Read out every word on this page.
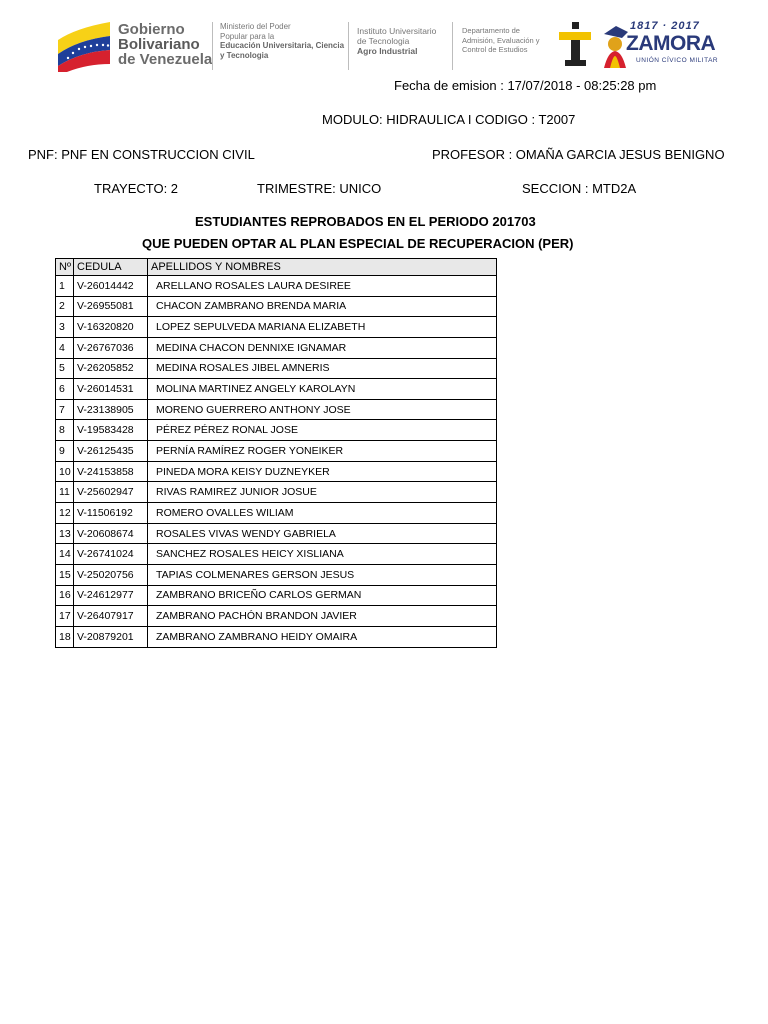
Gobierno
Bolivariano
de Venezuela
Ministerio del Poder
Popular para la
Educación Universitaria, Ciencia
y Tecnologia
Instituto Universitario
de Tecnologia
Agro Industrial
Departamento de
Admisión, Evaluación y
Control de Estudios
1817 · 2017
ZAMORA
UNIÓN CÍVICO MILITAR
Fecha de emision : 17/07/2018 - 08:25:28 pm
MODULO: HIDRAULICA I CODIGO : T2007
PNF: PNF EN CONSTRUCCION CIVIL	PROFESOR : OMAÑA GARCIA JESUS BENIGNO
TRAYECTO: 2	TRIMESTRE: UNICO	SECCION : MTD2A
ESTUDIANTES REPROBADOS EN EL PERIODO 201703
QUE PUEDEN OPTAR AL PLAN ESPECIAL DE RECUPERACION (PER)
Nº	CEDULA	APELLIDOS Y NOMBRES
1	V-26014442	ARELLANO ROSALES LAURA DESIREE
2	V-26955081	CHACON ZAMBRANO BRENDA MARIA
3	V-16320820	LOPEZ SEPULVEDA MARIANA ELIZABETH
4	V-26767036	MEDINA CHACON DENNIXE IGNAMAR
5	V-26205852	MEDINA ROSALES JIBEL AMNERIS
6	V-26014531	MOLINA MARTINEZ ANGELY KAROLAYN
7	V-23138905	MORENO GUERRERO ANTHONY JOSE
8	V-19583428	PÉREZ PÉREZ RONAL JOSE
9	V-26125435	PERNÍA RAMÍREZ ROGER YONEIKER
10	V-24153858	PINEDA MORA KEISY DUZNEYKER
11	V-25602947	RIVAS RAMIREZ JUNIOR JOSUE
12	V-11506192	ROMERO OVALLES WILIAM
13	V-20608674	ROSALES VIVAS WENDY GABRIELA
14	V-26741024	SANCHEZ ROSALES HEICY XISLIANA
15	V-25020756	TAPIAS COLMENARES GERSON JESUS
16	V-24612977	ZAMBRANO BRICEÑO CARLOS GERMAN
17	V-26407917	ZAMBRANO PACHÓN BRANDON JAVIER
18	V-20879201	ZAMBRANO ZAMBRANO HEIDY OMAIRA
